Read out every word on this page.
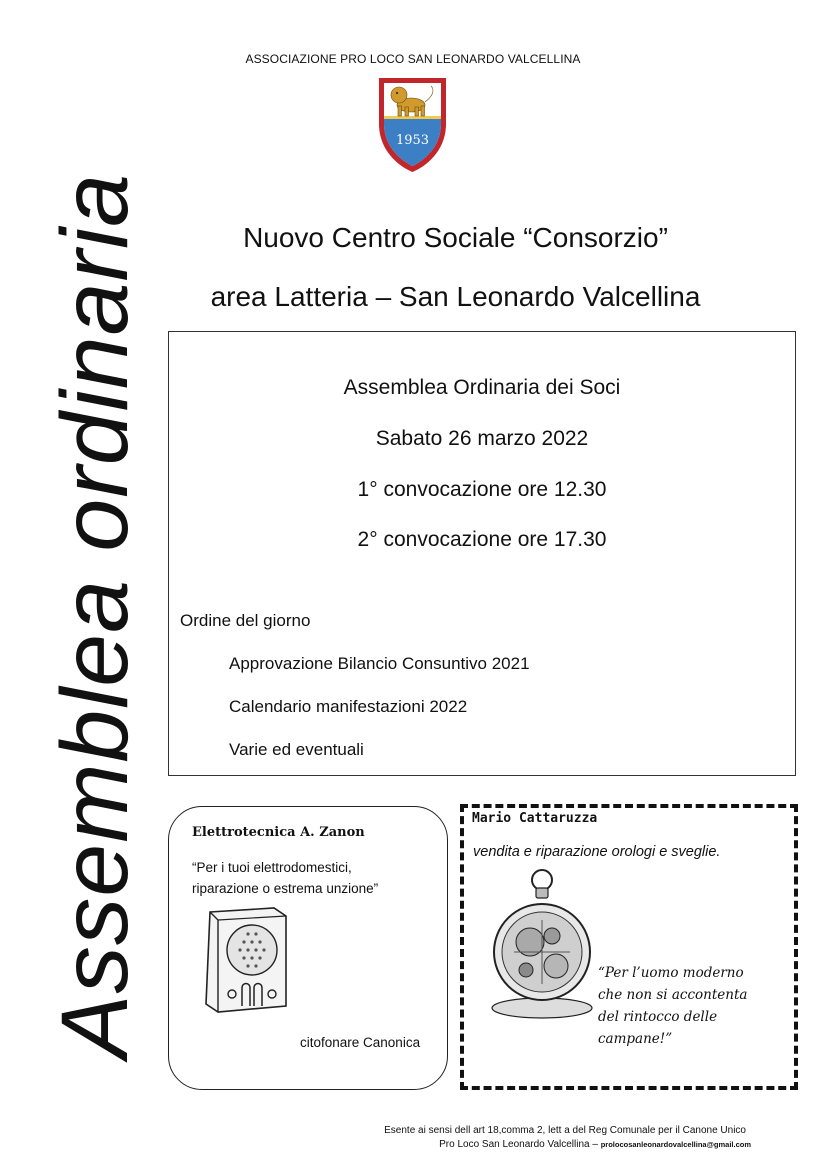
ASSOCIAZIONE PRO LOCO SAN LEONARDO VALCELLINA
1953
Assemblea ordinaria	Nuovo Centro Sociale “Consorzio”
area Latteria – San Leonardo Valcellina
Assemblea Ordinaria dei Soci
Sabato 26 marzo 2022
1° convocazione ore 12.30
2° convocazione ore 17.30
Ordine del giorno
Approvazione Bilancio Consuntivo 2021
Calendario manifestazioni 2022
Varie ed eventuali
Elettrotecnica A. Zanon
“Per i tuoi elettrodomestici,
riparazione o estrema unzione”
citofonare Canonica
Mario Cattaruzza
vendita e riparazione orologi e sveglie.
“Per l’uomo moderno
che non si accontenta
del rintocco delle
campane!”
Esente ai sensi dell art 18,comma 2, lett a del Reg Comunale per il Canone Unico
Pro Loco San Leonardo Valcellina – prolocosanleonardovalcellina@gmail.com
